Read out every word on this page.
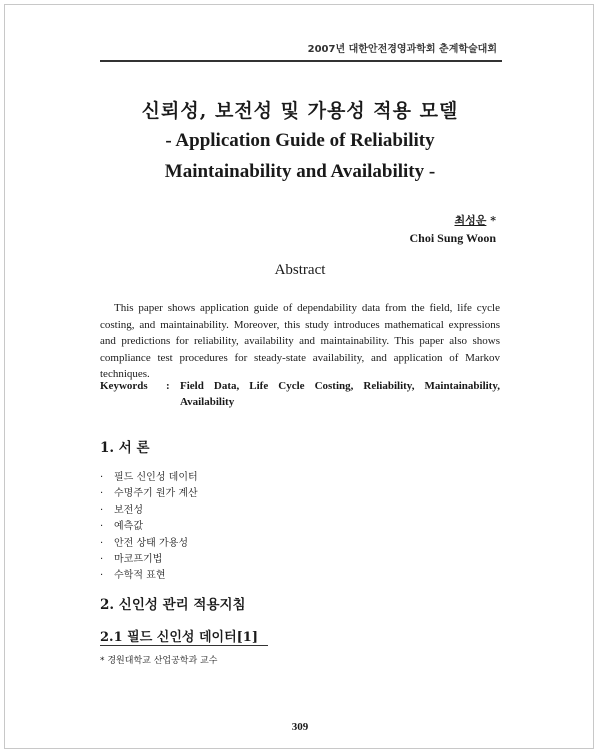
2007년 대한안전경영과학회 춘계학술대회

신뢰성, 보전성 및 가용성 적용 모델

- Application Guide of Reliability

Maintainability and Availability -

최성운 *
Choi Sung Woon
Abstract
This paper shows application guide of dependability data from the field, life cycle costing, and maintainability. Moreover, this study introduces mathematical expressions and predictions for reliability, availability and maintainability. This paper also shows compliance test procedures for steady-state availability, and application of Markov techniques.
Keywords	: Field Data, Life Cycle Costing, Reliability, Maintainability, Availability
1. 서 론
·	필드 신인성 데이터
·	수명주기 원가 계산
·	보전성
·	예측값
·	안전 상태 가용성
·	마코프기법
·	수학적 표현
2. 신인성 관리 적용지침
2.1 필드 신인성 데이터[1]
* 경원대학교 산업공학과 교수
309
